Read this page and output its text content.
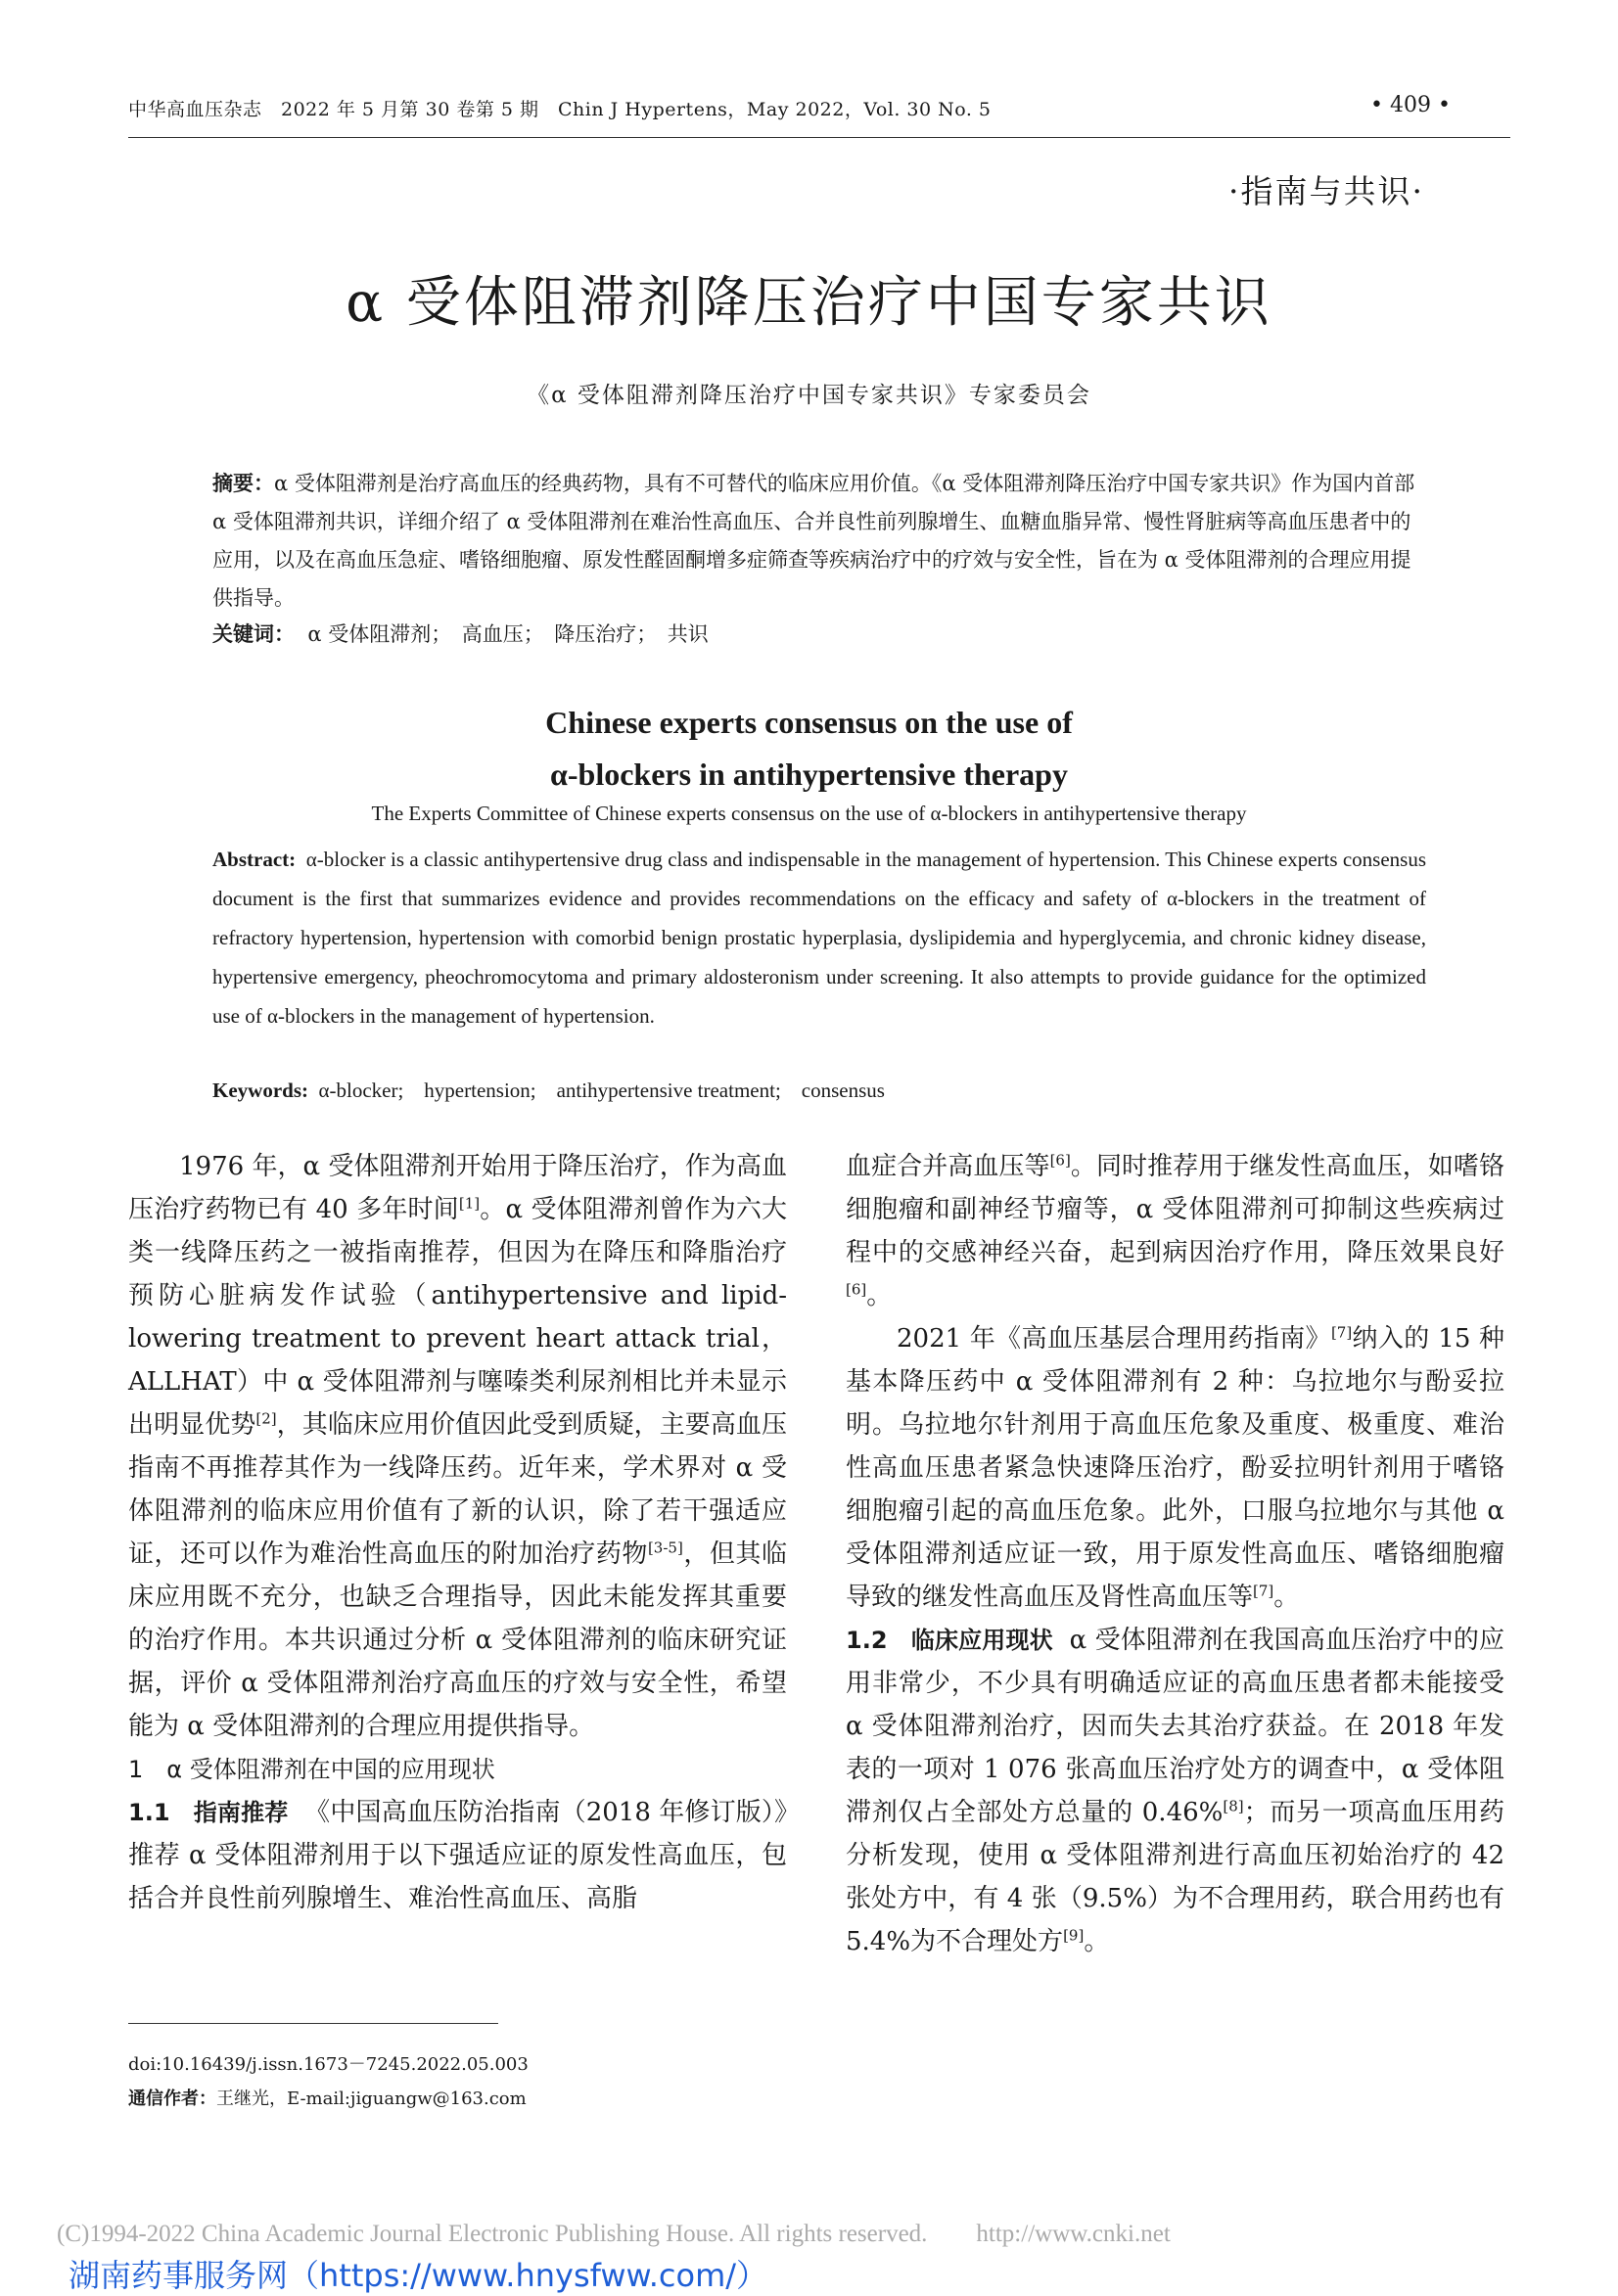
中华高血压杂志　2022 年 5 月第 30 卷第 5 期　Chin J Hypertens，May 2022，Vol. 30 No. 5	• 409 •
·指南与共识·
α 受体阻滞剂降压治疗中国专家共识
《α 受体阻滞剂降压治疗中国专家共识》专家委员会
摘要：α 受体阻滞剂是治疗高血压的经典药物，具有不可替代的临床应用价值。《α 受体阻滞剂降压治疗中国专家共识》作为国内首部 α 受体阻滞剂共识，详细介绍了 α 受体阻滞剂在难治性高血压、合并良性前列腺增生、血糖血脂异常、慢性肾脏病等高血压患者中的应用，以及在高血压急症、嗜铬细胞瘤、原发性醛固酮增多症筛查等疾病治疗中的疗效与安全性，旨在为 α 受体阻滞剂的合理应用提供指导。
关键词： α 受体阻滞剂；　高血压；　降压治疗；　共识
Chinese experts consensus on the use of
α-blockers in antihypertensive therapy
The Experts Committee of Chinese experts consensus on the use of α-blockers in antihypertensive therapy
Abstract: α-blocker is a classic antihypertensive drug class and indispensable in the management of hypertension. This Chinese experts consensus document is the first that summarizes evidence and provides recommendations on the efficacy and safety of α-blockers in the treatment of refractory hypertension, hypertension with comorbid benign prostatic hyperplasia, dyslipidemia and hyperglycemia, and chronic kidney disease, hypertensive emergency, pheochromocytoma and primary aldosteronism under screening. It also attempts to provide guidance for the optimized use of α-blockers in the management of hypertension.
Keywords: α-blocker;　hypertension;　antihypertensive treatment;　consensus

1976 年，α 受体阻滞剂开始用于降压治疗，作为高血压治疗药物已有 40 多年时间[1]。α 受体阻滞剂曾作为六大类一线降压药之一被指南推荐，但因为在降压和降脂治疗预防心脏病发作试验（antihypertensive and lipid-lowering treatment to prevent heart attack trial，ALLHAT）中 α 受体阻滞剂与噻嗪类利尿剂相比并未显示出明显优势[2]，其临床应用价值因此受到质疑，主要高血压指南不再推荐其作为一线降压药。近年来，学术界对 α 受体阻滞剂的临床应用价值有了新的认识，除了若干强适应证，还可以作为难治性高血压的附加治疗药物[3-5]，但其临床应用既不充分，也缺乏合理指导，因此未能发挥其重要的治疗作用。本共识通过分析 α 受体阻滞剂的临床研究证据，评价 α 受体阻滞剂治疗高血压的疗效与安全性，希望能为 α 受体阻滞剂的合理应用提供指导。

1　α 受体阻滞剂在中国的应用现状

1.1　指南推荐 《中国高血压防治指南（2018 年修订版）》推荐 α 受体阻滞剂用于以下强适应证的原发性高血压，包括合并良性前列腺增生、难治性高血压、高脂

血症合并高血压等[6]。同时推荐用于继发性高血压，如嗜铬细胞瘤和副神经节瘤等，α 受体阻滞剂可抑制这些疾病过程中的交感神经兴奋，起到病因治疗作用，降压效果良好[6]。

2021 年《高血压基层合理用药指南》[7]纳入的 15 种基本降压药中 α 受体阻滞剂有 2 种：乌拉地尔与酚妥拉明。乌拉地尔针剂用于高血压危象及重度、极重度、难治性高血压患者紧急快速降压治疗，酚妥拉明针剂用于嗜铬细胞瘤引起的高血压危象。此外，口服乌拉地尔与其他 α 受体阻滞剂适应证一致，用于原发性高血压、嗜铬细胞瘤导致的继发性高血压及肾性高血压等[7]。

1.2　临床应用现状 α 受体阻滞剂在我国高血压治疗中的应用非常少，不少具有明确适应证的高血压患者都未能接受 α 受体阻滞剂治疗，因而失去其治疗获益。在 2018 年发表的一项对 1 076 张高血压治疗处方的调查中，α 受体阻滞剂仅占全部处方总量的 0.46%[8]；而另一项高血压用药分析发现，使用 α 受体阻滞剂进行高血压初始治疗的 42 张处方中，有 4 张（9.5%）为不合理用药，联合用药也有 5.4%为不合理处方[9]。

doi:10.16439/j.issn.1673－7245.2022.05.003
通信作者：王继光，E-mail:jiguangw@163.com
(C)1994-2022 China Academic Journal Electronic Publishing House. All rights reserved.　　http://www.cnki.net
湖南药事服务网（https://www.hnysfww.com/）
